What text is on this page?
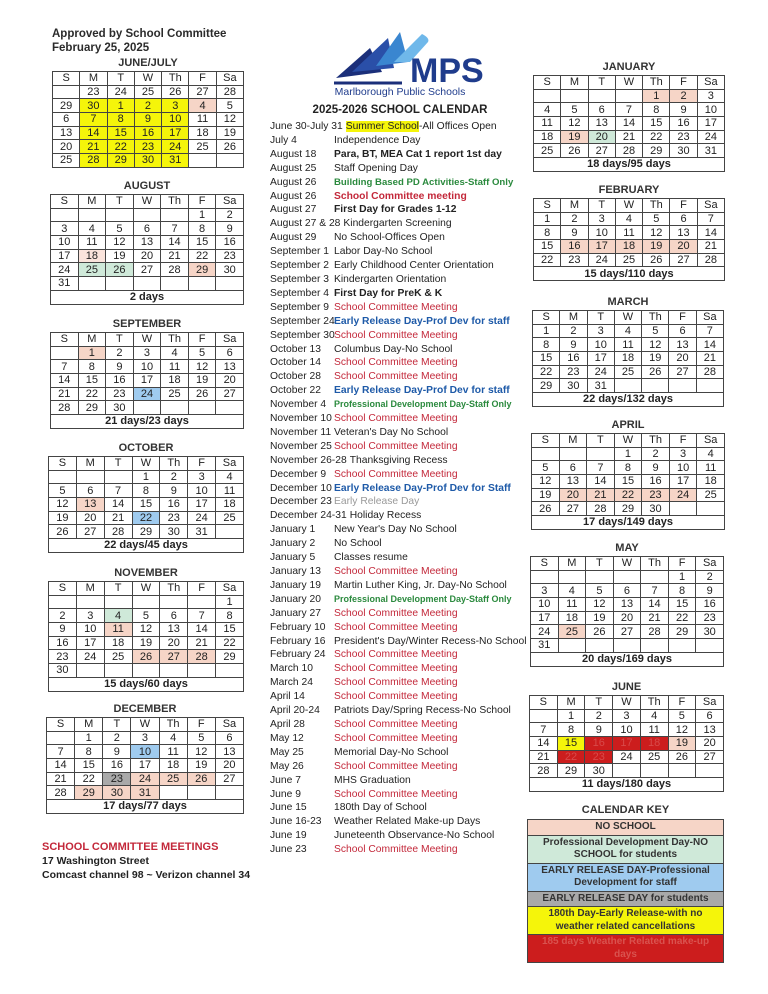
Approved by School Committee
February 25, 2025
JUNE/JULY
S	M	T	W	Th	F	Sa
	23	24	25	26	27	28
29	30	1	2	3	4	5
6	7	8	9	10	11	12
13	14	15	16	17	18	19
20	21	22	23	24	25	26
25	28	29	30	31		
AUGUST
S	M	T	W	Th	F	Sa
					1	2
3	4	5	6	7	8	9
10	11	12	13	14	15	16
17	18	19	20	21	22	23
24	25	26	27	28	29	30
31						
2 days						
SEPTEMBER
S	M	T	W	Th	F	Sa
	1	2	3	4	5	6
7	8	9	10	11	12	13
14	15	16	17	18	19	20
21	22	23	24	25	26	27
28	29	30				
21 days/23 days						
OCTOBER
S	M	T	W	Th	F	Sa
			1	2	3	4
5	6	7	8	9	10	11
12	13	14	15	16	17	18
19	20	21	22	23	24	25
26	27	28	29	30	31	
22 days/45 days						
NOVEMBER
S	M	T	W	Th	F	Sa
						1
2	3	4	5	6	7	8
9	10	11	12	13	14	15
16	17	18	19	20	21	22
23	24	25	26	27	28	29
30						
15 days/60 days						
DECEMBER
S	M	T	W	Th	F	Sa
	1	2	3	4	5	6
7	8	9	10	11	12	13
14	15	16	17	18	19	20
21	22	23	24	25	26	27
28	29	30	31			
17 days/77 days						
JANUARY
S	M	T	W	Th	F	Sa
				1	2	3
4	5	6	7	8	9	10
11	12	13	14	15	16	17
18	19	20	21	22	23	24
25	26	27	28	29	30	31
18 days/95 days						
FEBRUARY
S	M	T	W	Th	F	Sa
1	2	3	4	5	6	7
8	9	10	11	12	13	14
15	16	17	18	19	20	21
22	23	24	25	26	27	28
15 days/110 days						
MARCH
S	M	T	W	Th	F	Sa
1	2	3	4	5	6	7
8	9	10	11	12	13	14
15	16	17	18	19	20	21
22	23	24	25	26	27	28
29	30	31				
22 days/132 days						
APRIL
S	M	T	W	Th	F	Sa
			1	2	3	4
5	6	7	8	9	10	11
12	13	14	15	16	17	18
19	20	21	22	23	24	25
26	27	28	29	30		
17 days/149 days						
MAY
S	M	T	W	Th	F	Sa
					1	2
3	4	5	6	7	8	9
10	11	12	13	14	15	16
17	18	19	20	21	22	23
24	25	26	27	28	29	30
31						
20 days/169 days						
JUNE
S	M	T	W	Th	F	Sa
	1	2	3	4	5	6
7	8	9	10	11	12	13
14	15	16	17	18	19	20
21	22	23	24	25	26	27
28	29	30				
11 days/180 days						
MPS
Marlborough Public Schools
2025-2026 SCHOOL CALENDAR
June 30-July 31 Summer School-All Offices Open
July 4	Independence Day
August 18	Para, BT, MEA Cat 1 report 1st day
August 25	Staff Opening Day
August 26	Building Based PD Activities-Staff Only
August 26	School Committee meeting
August 27	First Day for Grades 1-12
August 27 & 28 Kindergarten Screening
August 29	No School-Offices Open
September 1 Labor Day-No School
September 2 Early Childhood Center Orientation
September 3 Kindergarten Orientation
September 4 First Day for PreK & K
September 9 School Committee Meeting
September 24 Early Release Day-Prof Dev for staff
September 30 School Committee Meeting
October 13	Columbus Day-No School
October 14	School Committee Meeting
October 28	School Committee Meeting
October 22	Early Release Day-Prof Dev for staff
November 4 Professional Development Day-Staff Only
November 10 School Committee Meeting
November 11 Veteran's Day No School
November 25 School Committee Meeting
November 26-28 Thanksgiving Recess
December 9 School Committee Meeting
December 10 Early Release Day-Prof Dev for Staff
December 23 Early Release Day
December 24-31 Holiday Recess
January 1	New Year's Day No School
January 2	No School
January 5	Classes resume
January 13	School Committee Meeting
January 19	Martin Luther King, Jr. Day-No School
January 20	Professional Development Day-Staff Only
January 27	School Committee Meeting
February 10 School Committee Meeting
February 16 President's Day/Winter Recess-No School
February 24 School Committee Meeting
March 10	School Committee Meeting
March 24	School Committee Meeting
April 14	School Committee Meeting
April 20-24	Patriots Day/Spring Recess-No School
April 28	School Committee Meeting
May 12	School Committee Meeting
May 25	Memorial Day-No School
May 26	School Committee Meeting
June 7	MHS Graduation
June 9	School Committee Meeting
June 15	180th Day of School
June 16-23	Weather Related Make-up Days
June 19	Juneteenth Observance-No School
June 23	School Committee Meeting
SCHOOL COMMITTEE MEETINGS
17 Washington Street
Comcast channel 98 ~ Verizon channel 34
CALENDAR KEY
NO SCHOOL
Professional Development Day-NO SCHOOL for students
EARLY RELEASE DAY-Professional Development for staff
EARLY RELEASE DAY for students
180th Day-Early Release-with no weather related cancellations
185 days Weather Related make-up days
